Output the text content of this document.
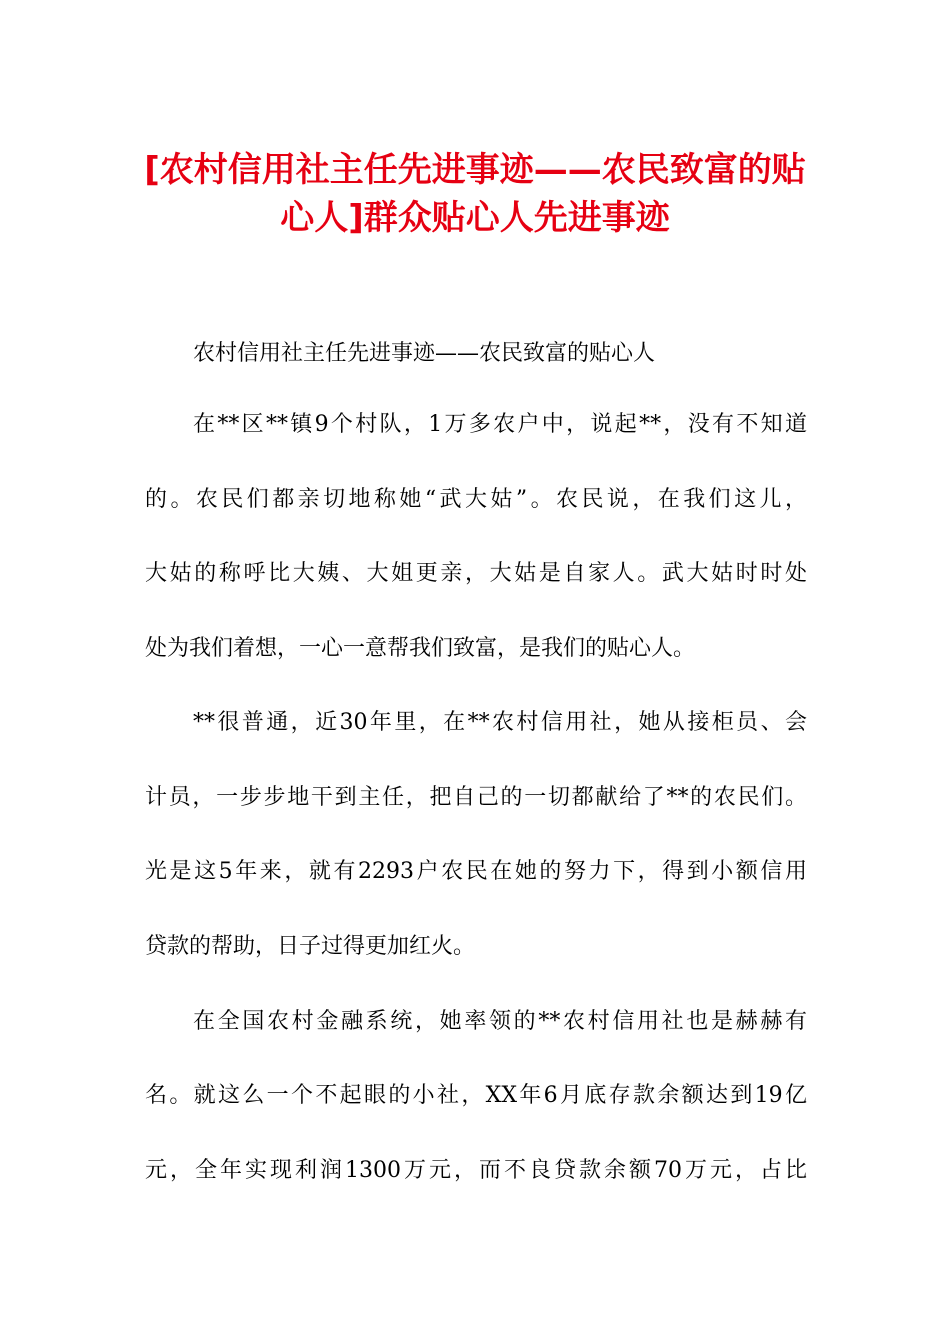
[农村信用社主任先进事迹——农民致富的贴
心人]群众贴心人先进事迹
农村信用社主任先进事迹——农民致富的贴心人
在**区**镇9个村队，1万多农户中，说起**，没有不知道
的。农民们都亲切地称她“武大姑”。农民说，在我们这儿，
大姑的称呼比大姨、大姐更亲，大姑是自家人。武大姑时时处
处为我们着想，一心一意帮我们致富，是我们的贴心人。
**很普通，近30年里，在**农村信用社，她从接柜员、会
计员，一步步地干到主任，把自己的一切都献给了**的农民们。
光是这5年来，就有2293户农民在她的努力下，得到小额信用
贷款的帮助，日子过得更加红火。
在全国农村金融系统，她率领的**农村信用社也是赫赫有
名。就这么一个不起眼的小社，XX年6月底存款余额达到19亿
元，全年实现利润1300万元，而不良贷款余额70万元，占比
